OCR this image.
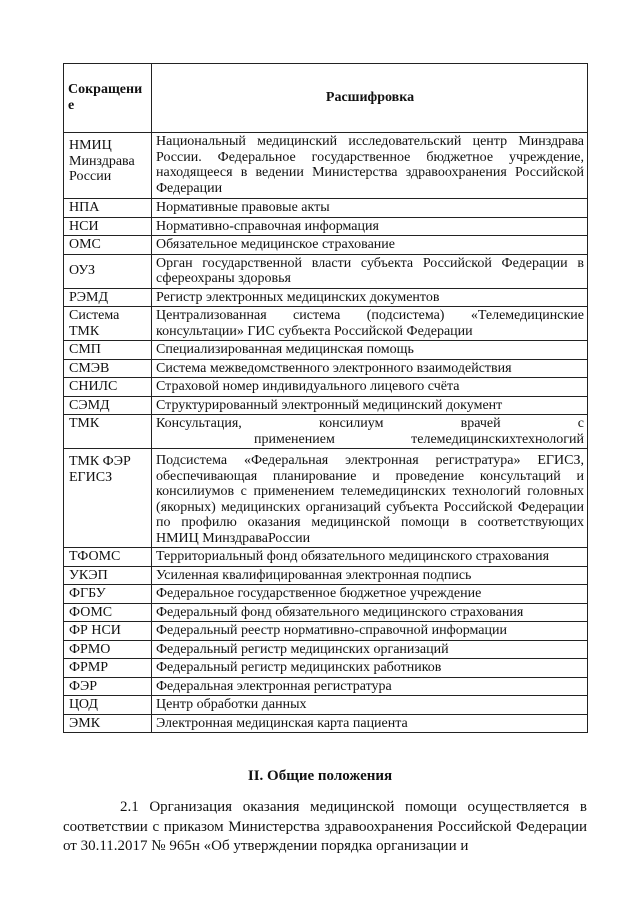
Сокращение	Расшифровка
НМИЦ Минздрава России	Национальный медицинский исследовательский центр Минздрава России. Федеральное государственное бюджетное учреждение, находящееся в ведении Министерства здравоохранения Российской Федерации
НПА	Нормативные правовые акты
НСИ	Нормативно-справочная информация
ОМС	Обязательное медицинское страхование
ОУЗ	Орган государственной власти субъекта Российской Федерации в сфереохраны здоровья
РЭМД	Регистр электронных медицинских документов
Система ТМК	Централизованная система (подсистема) «Телемедицинские консультации» ГИС субъекта Российской Федерации
СМП	Специализированная медицинская помощь
СМЭВ	Система межведомственного электронного взаимодействия
СНИЛС	Страховой номер индивидуального лицевого счёта
СЭМД	Структурированный электронный медицинский документ
ТМК	Консультация, консилиум врачей с
применением телемедицинскихтехнологий

ТМК ФЭР ЕГИСЗ	Подсистема «Федеральная электронная регистратура» ЕГИСЗ, обеспечивающая планирование и проведение консультаций и консилиумов с применением телемедицинских технологий головных (якорных) медицинских организаций субъекта Российской Федерации по профилю оказания медицинской помощи в соответствующих НМИЦ МинздраваРоссии
ТФОМС	Территориальный фонд обязательного медицинского страхования
УКЭП	Усиленная квалифицированная электронная подпись
ФГБУ	Федеральное государственное бюджетное учреждение
ФОМС	Федеральный фонд обязательного медицинского страхования
ФР НСИ	Федеральный реестр нормативно-справочной информации
ФРМО	Федеральный регистр медицинских организаций
ФРМР	Федеральный регистр медицинских работников
ФЭР	Федеральная электронная регистратура
ЦОД	Центр обработки данных
ЭМК	Электронная медицинская карта пациента
II. Общие положения

2.1 Организация оказания медицинской помощи осуществляется в соответствии с приказом Министерства здравоохранения Российской Федерации от 30.11.2017 № 965н «Об утверждении порядка организации и
